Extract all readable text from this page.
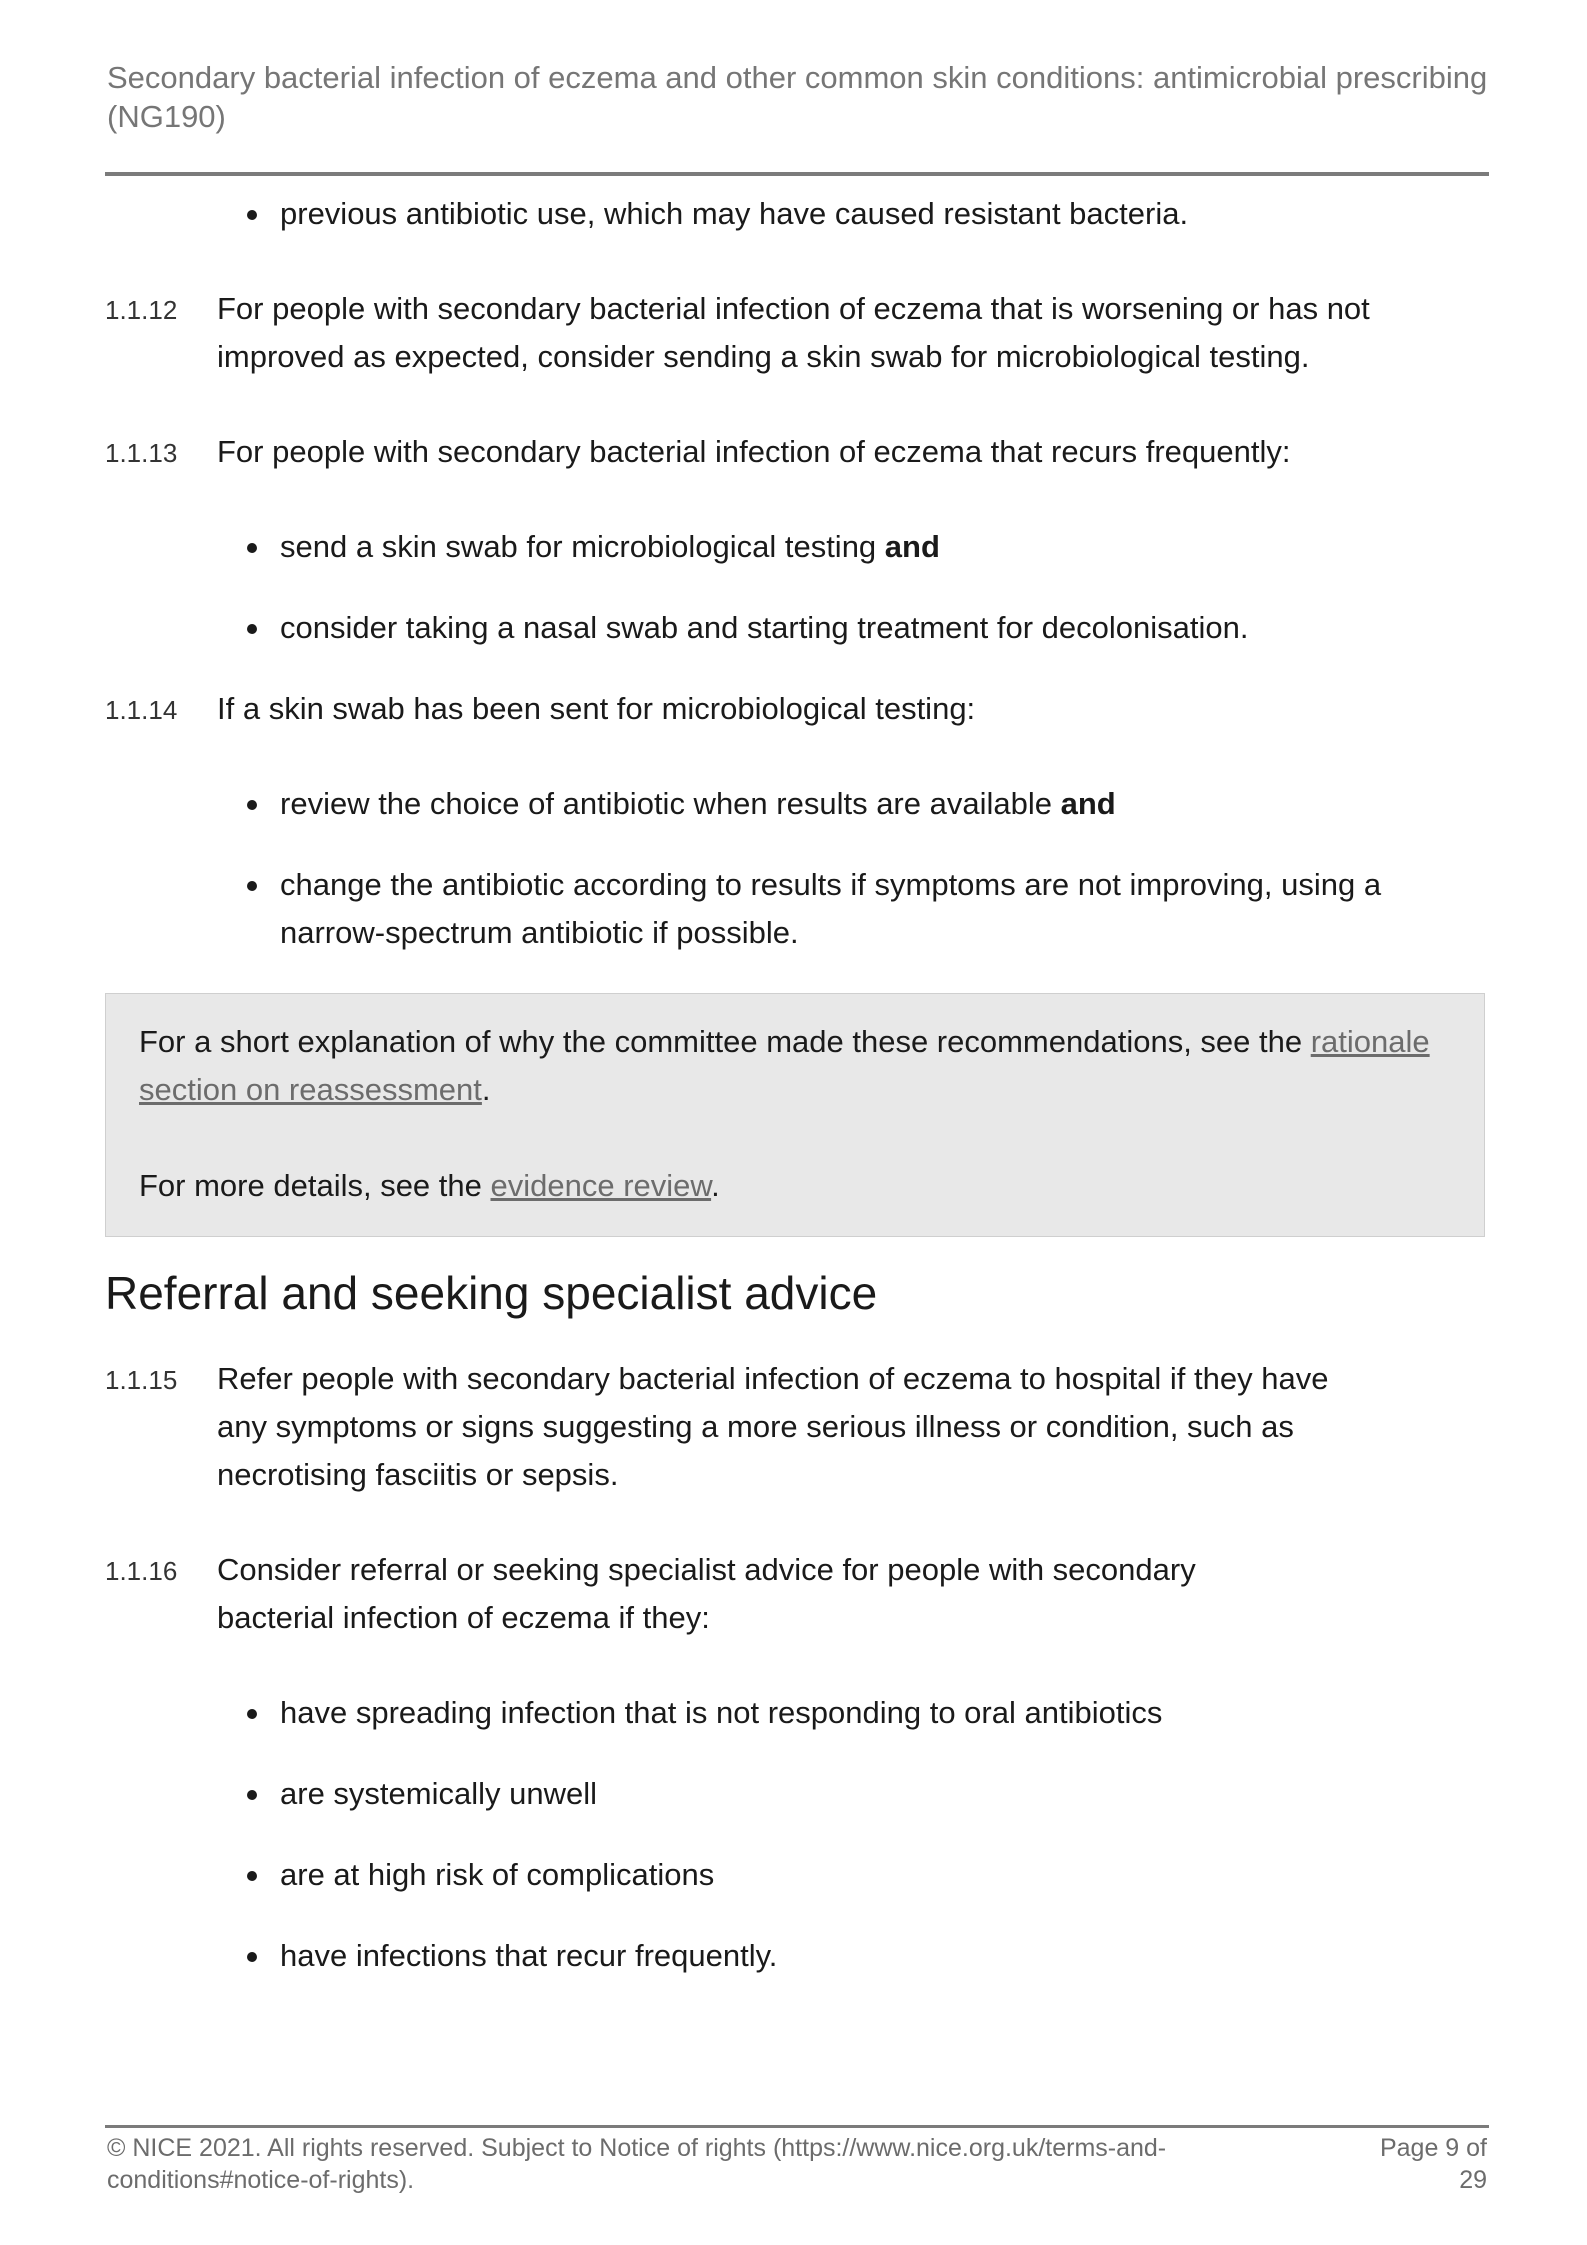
Secondary bacterial infection of eczema and other common skin conditions: antimicrobial prescribing (NG190)
previous antibiotic use, which may have caused resistant bacteria.
1.1.12 For people with secondary bacterial infection of eczema that is worsening or has not improved as expected, consider sending a skin swab for microbiological testing.
1.1.13 For people with secondary bacterial infection of eczema that recurs frequently:
send a skin swab for microbiological testing and
consider taking a nasal swab and starting treatment for decolonisation.
1.1.14 If a skin swab has been sent for microbiological testing:
review the choice of antibiotic when results are available and
change the antibiotic according to results if symptoms are not improving, using a narrow-spectrum antibiotic if possible.

For a short explanation of why the committee made these recommendations, see the rationale section on reassessment.

For more details, see the evidence review.

Referral and seeking specialist advice
1.1.15 Refer people with secondary bacterial infection of eczema to hospital if they have any symptoms or signs suggesting a more serious illness or condition, such as necrotising fasciitis or sepsis.
1.1.16 Consider referral or seeking specialist advice for people with secondary bacterial infection of eczema if they:
have spreading infection that is not responding to oral antibiotics
are systemically unwell
are at high risk of complications
have infections that recur frequently.
© NICE 2021. All rights reserved. Subject to Notice of rights (https://www.nice.org.uk/terms-and-conditions#notice-of-rights).
Page 9 of 29
